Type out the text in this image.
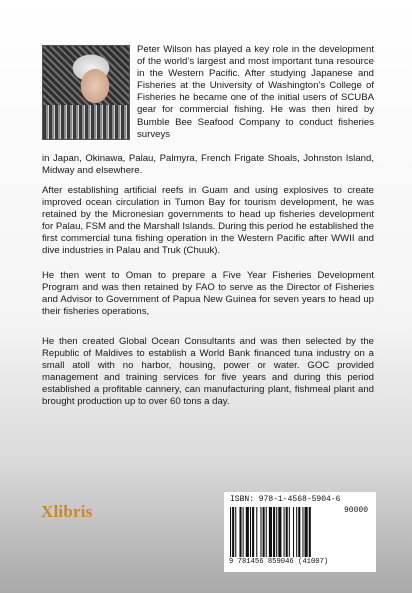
Peter Wilson has played a key role in the development of the world’s largest and most important tuna resource in the Western Pacific. After studying Japanese and Fisheries at the University of Washington’s College of Fisheries he became one of the initial users of SCUBA gear for commercial fishing. He was then hired by Bumble Bee Seafood Company to conduct fisheries surveys

in Japan, Okinawa, Palau, Palmyra, French Frigate Shoals, Johnston Island, Midway and elsewhere.

After establishing artificial reefs in Guam and using explosives to create improved ocean circulation in Tumon Bay for tourism development, he was retained by the Micronesian governments to head up fisheries development for Palau, FSM and the Marshall Islands. During this period he established the first commercial tuna fishing operation in the Western Pacific after WWII and dive industries in Palau and Truk (Chuuk).

He then went to Oman to prepare a Five Year Fisheries Development Program and was then retained by FAO to serve as the Director of Fisheries and Advisor to Government of Papua New Guinea for seven years to head up their fisheries operations,

He then created Global Ocean Consultants and was then selected by the Republic of Maldives to establish a World Bank financed tuna industry on a small atoll with no harbor, housing, power or water. GOC provided management and training services for five years and during this period established a profitable cannery, can manufacturing plant, fishmeal plant and brought production up to over 60 tons a day.

Xlibris
ISBN: 978-1-4568-5904-6
90000
9 781456 859046 (41007)
